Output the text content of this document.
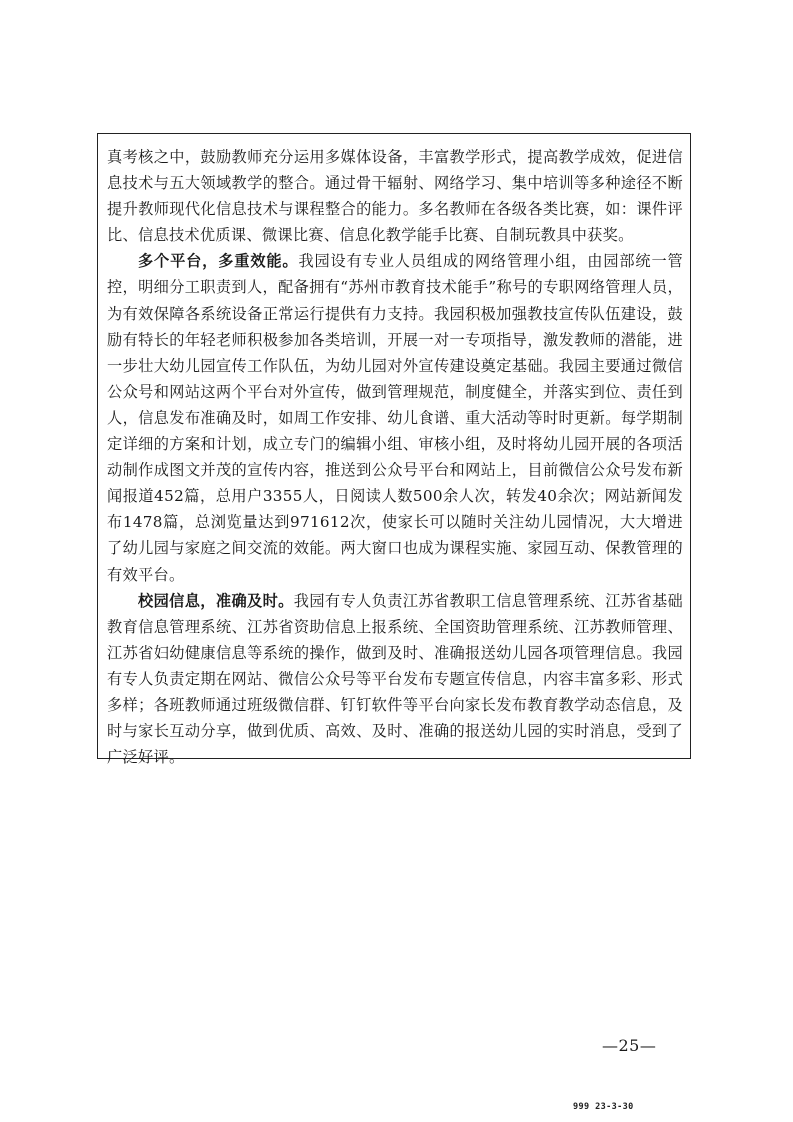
真考核之中，鼓励教师充分运用多媒体设备，丰富教学形式，提高教学成效，促进信息技术与五大领域教学的整合。通过骨干辐射、网络学习、集中培训等多种途径不断提升教师现代化信息技术与课程整合的能力。多名教师在各级各类比赛，如：课件评比、信息技术优质课、微课比赛、信息化教学能手比赛、自制玩教具中获奖。

多个平台，多重效能。我园设有专业人员组成的网络管理小组，由园部统一管控，明细分工职责到人，配备拥有“苏州市教育技术能手”称号的专职网络管理人员，为有效保障各系统设备正常运行提供有力支持。我园积极加强教技宣传队伍建设，鼓励有特长的年轻老师积极参加各类培训，开展一对一专项指导，激发教师的潜能，进一步壮大幼儿园宣传工作队伍，为幼儿园对外宣传建设奠定基础。我园主要通过微信公众号和网站这两个平台对外宣传，做到管理规范，制度健全，并落实到位、责任到人，信息发布准确及时，如周工作安排、幼儿食谱、重大活动等时时更新。每学期制定详细的方案和计划，成立专门的编辑小组、审核小组，及时将幼儿园开展的各项活动制作成图文并茂的宣传内容，推送到公众号平台和网站上，目前微信公众号发布新闻报道452篇，总用户3355人，日阅读人数500余人次，转发40余次；网站新闻发布1478篇，总浏览量达到971612次，使家长可以随时关注幼儿园情况，大大增进了幼儿园与家庭之间交流的效能。两大窗口也成为课程实施、家园互动、保教管理的有效平台。

校园信息，准确及时。我园有专人负责江苏省教职工信息管理系统、江苏省基础教育信息管理系统、江苏省资助信息上报系统、全国资助管理系统、江苏教师管理、江苏省妇幼健康信息等系统的操作，做到及时、准确报送幼儿园各项管理信息。我园有专人负责定期在网站、微信公众号等平台发布专题宣传信息，内容丰富多彩、形式多样；各班教师通过班级微信群、钉钉软件等平台向家长发布教育教学动态信息，及时与家长互动分享，做到优质、高效、及时、准确的报送幼儿园的实时消息，受到了广泛好评。

—25—
999 23-3-30
